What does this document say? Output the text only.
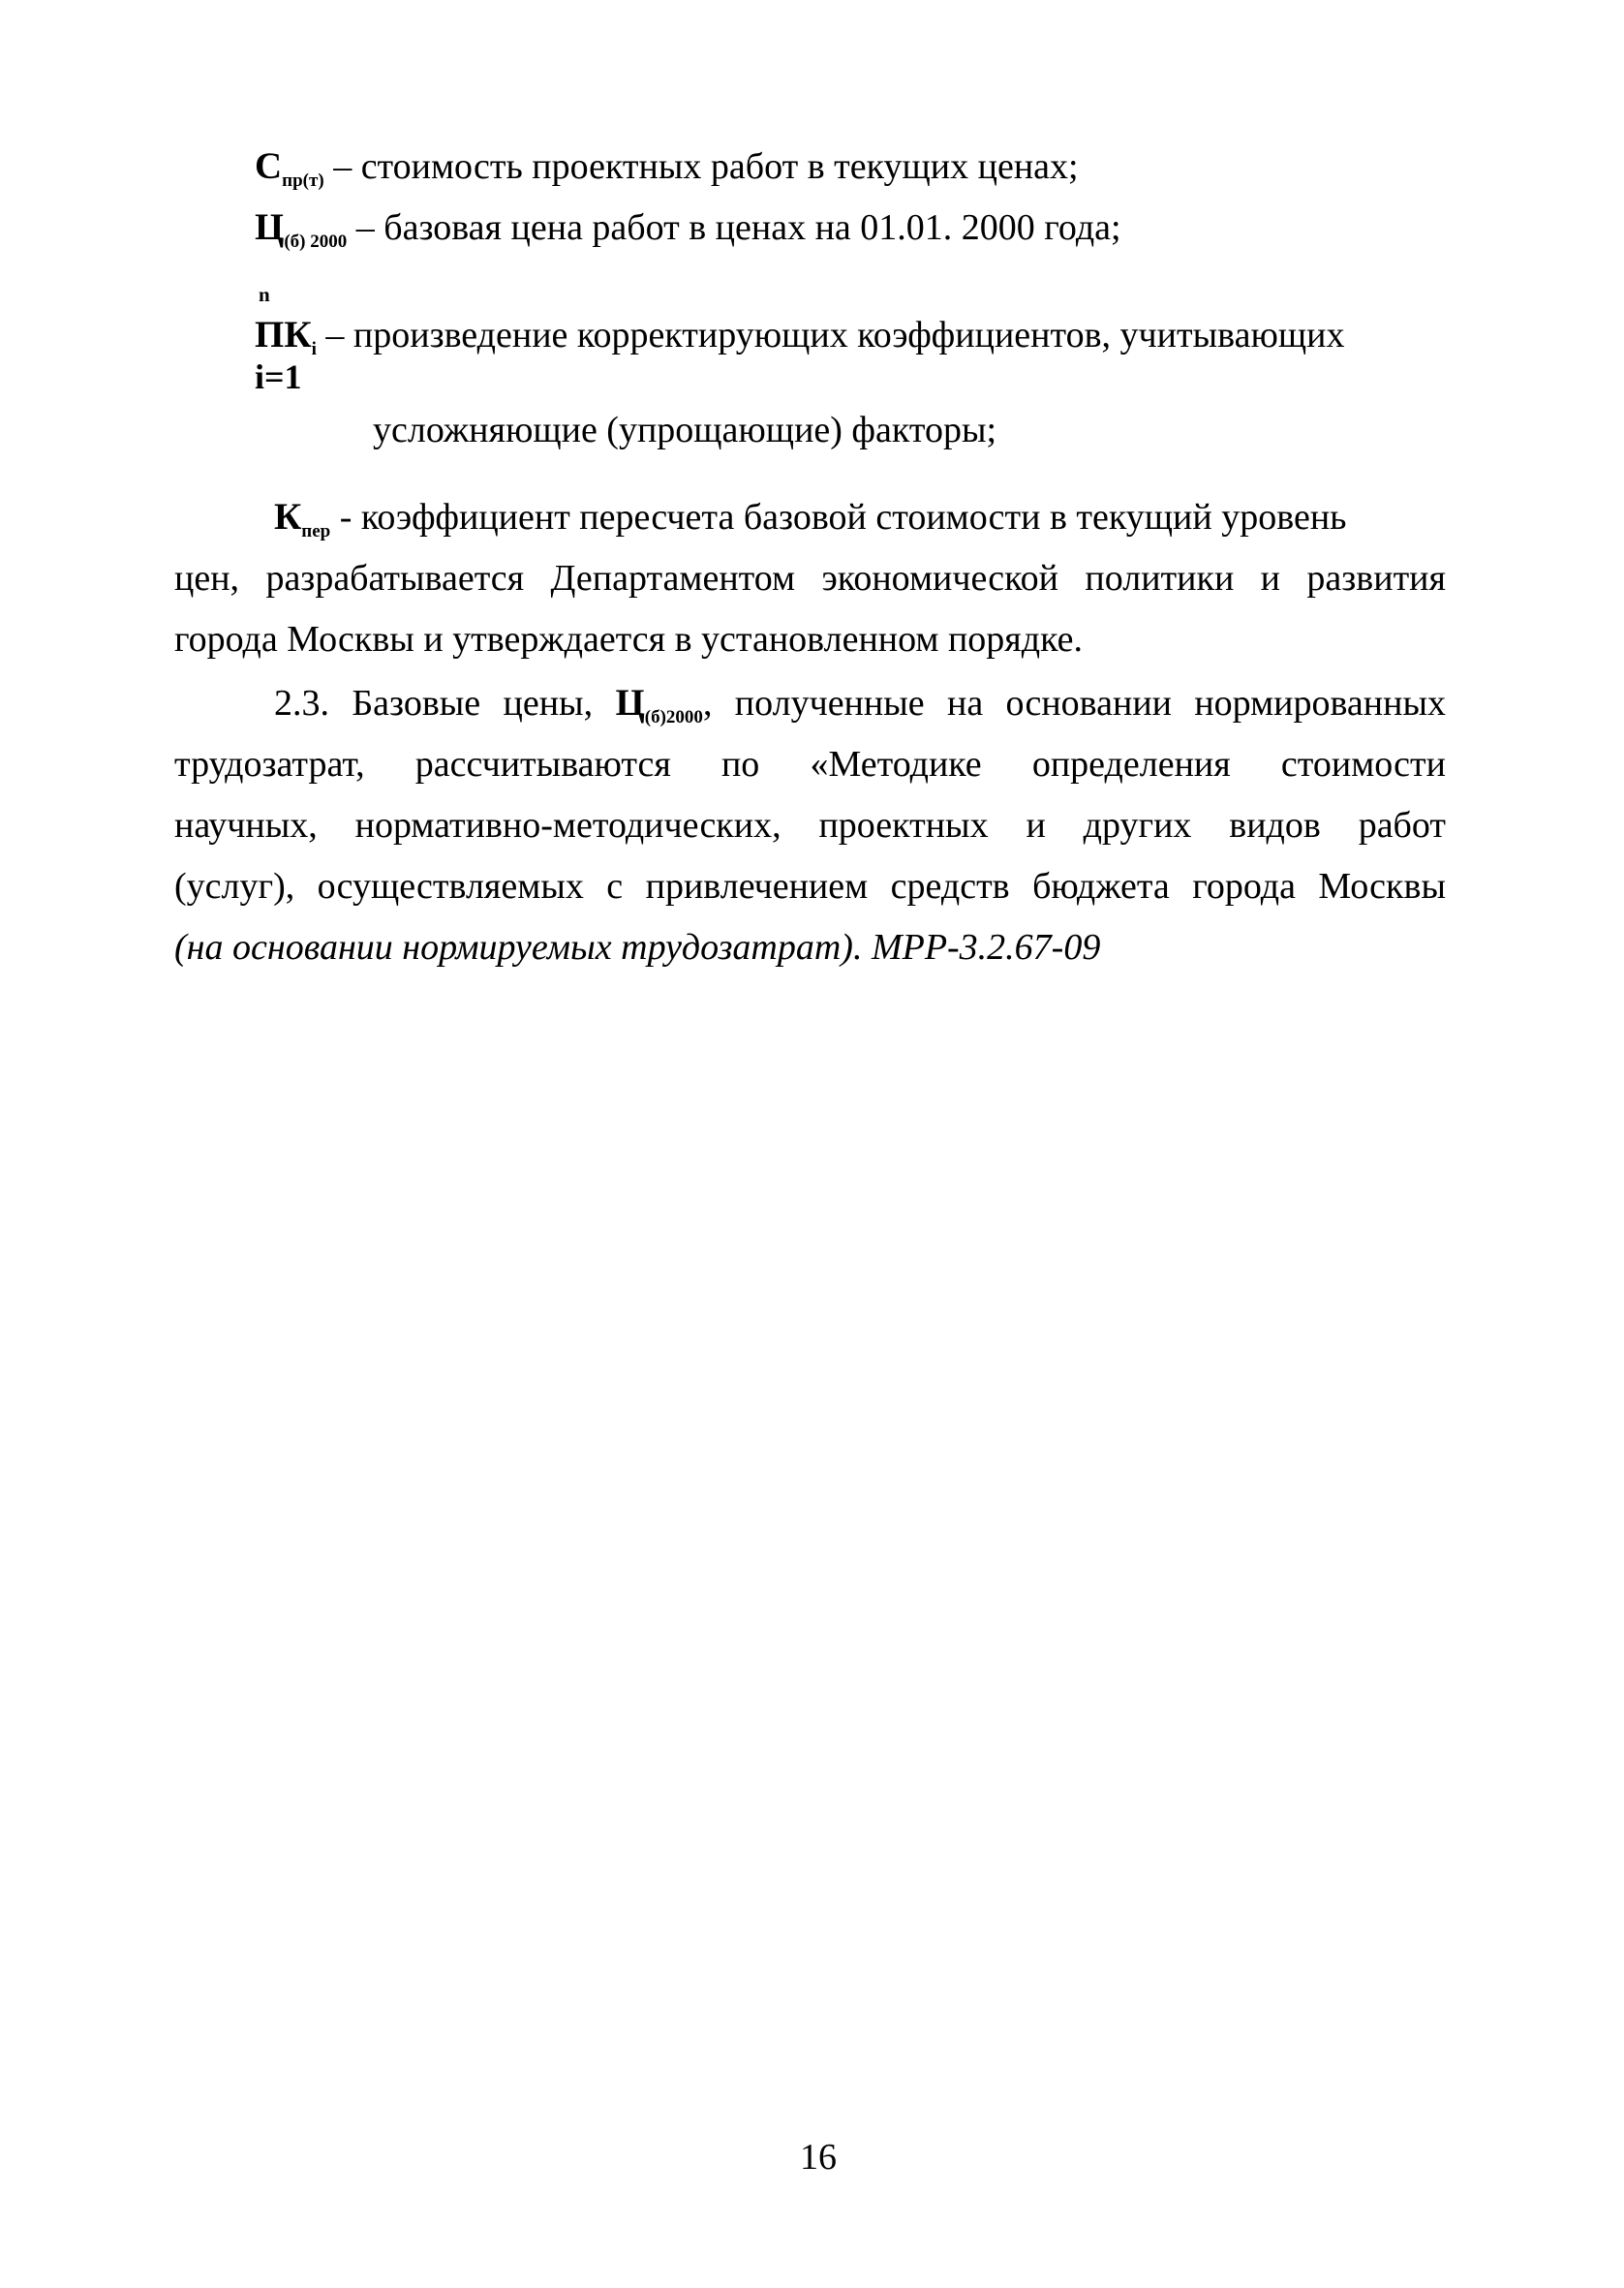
$С_{пр(т)}$ – стоимость проектных работ в текущих ценах;
$Ц_{(б) 2000}$ – базовая цена работ в ценах на 01.01. 2000 года;
n
$ПК_i$ – произведение корректирующих коэффициентов, учитывающих
i=1
усложняющие (упрощающие) факторы;
$К_{пер}$ - коэффициент пересчета базовой стоимости в текущий уровень
цен, разрабатывается Департаментом экономической политики и развития
города Москвы и утверждается в установленном порядке.
2.3. Базовые цены, $Ц_{(б)2000}$, полученные на основании нормированных
трудозатрат, рассчитываются по «Методике определения стоимости
научных, нормативно-методических, проектных и других видов работ
(услуг), осуществляемых с привлечением средств бюджета города Москвы
(на основании нормируемых трудозатрат). МРР-3.2.67-09
16
